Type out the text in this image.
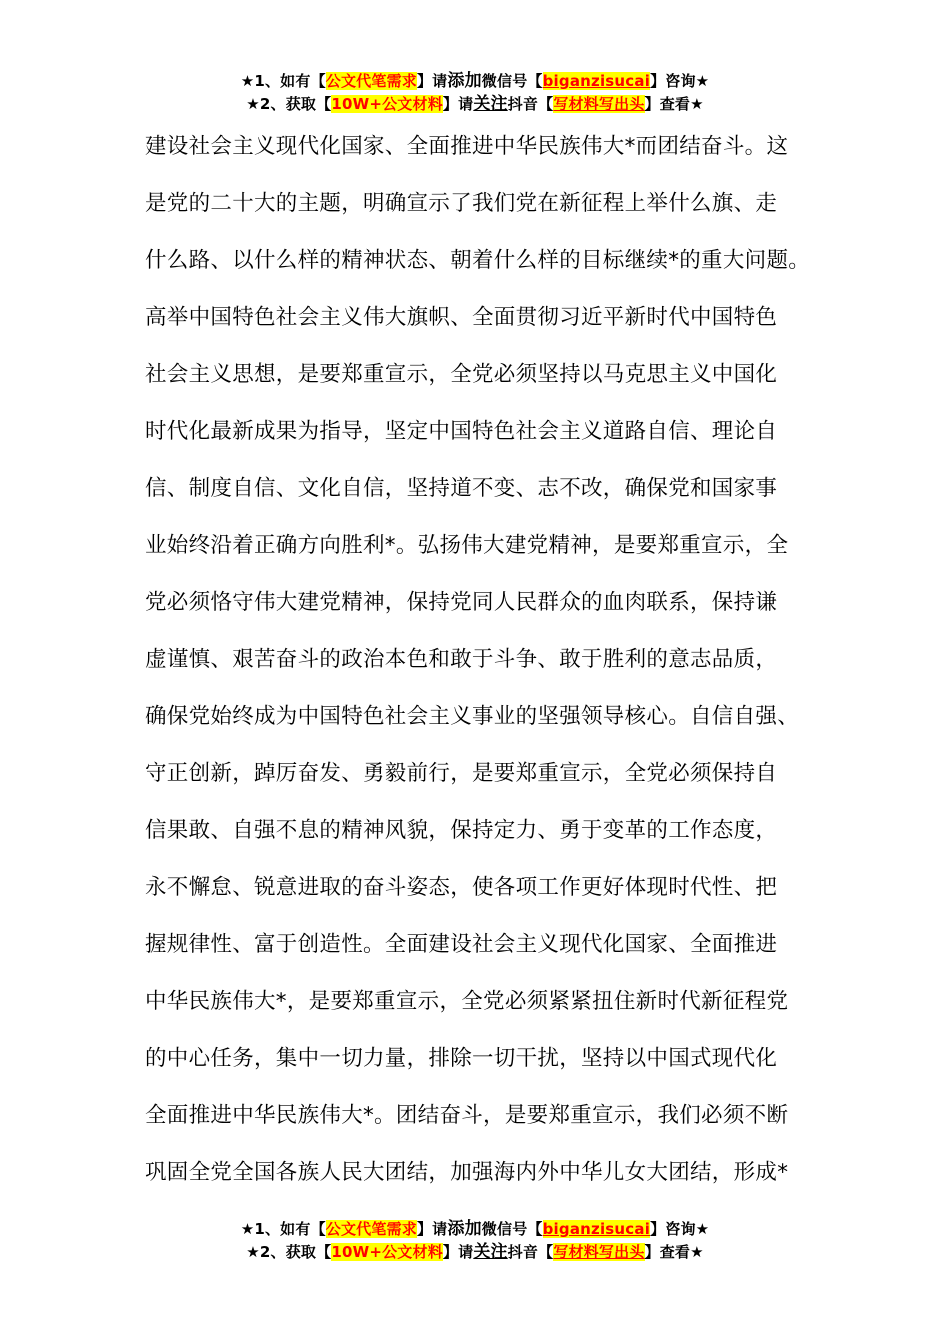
★1、如有【公文代笔需求】请添加微信号【biganzisucai】咨询★
★2、获取【10W+公文材料】请关注抖音【写材料写出头】查看★
建设社会主义现代化国家、全面推进中华民族伟大*而团结奋斗。这
是党的二十大的主题，明确宣示了我们党在新征程上举什么旗、走
什么路、以什么样的精神状态、朝着什么样的目标继续*的重大问题。
高举中国特色社会主义伟大旗帜、全面贯彻习近平新时代中国特色
社会主义思想，是要郑重宣示，全党必须坚持以马克思主义中国化
时代化最新成果为指导，坚定中国特色社会主义道路自信、理论自
信、制度自信、文化自信，坚持道不变、志不改，确保党和国家事
业始终沿着正确方向胜利*。弘扬伟大建党精神，是要郑重宣示，全
党必须恪守伟大建党精神，保持党同人民群众的血肉联系，保持谦
虚谨慎、艰苦奋斗的政治本色和敢于斗争、敢于胜利的意志品质，
确保党始终成为中国特色社会主义事业的坚强领导核心。自信自强、
守正创新，踔厉奋发、勇毅前行，是要郑重宣示，全党必须保持自
信果敢、自强不息的精神风貌，保持定力、勇于变革的工作态度，
永不懈怠、锐意进取的奋斗姿态，使各项工作更好体现时代性、把
握规律性、富于创造性。全面建设社会主义现代化国家、全面推进
中华民族伟大*，是要郑重宣示，全党必须紧紧扭住新时代新征程党
的中心任务，集中一切力量，排除一切干扰，坚持以中国式现代化
全面推进中华民族伟大*。团结奋斗，是要郑重宣示，我们必须不断
巩固全党全国各族人民大团结，加强海内外中华儿女大团结，形成*
★1、如有【公文代笔需求】请添加微信号【biganzisucai】咨询★
★2、获取【10W+公文材料】请关注抖音【写材料写出头】查看★
